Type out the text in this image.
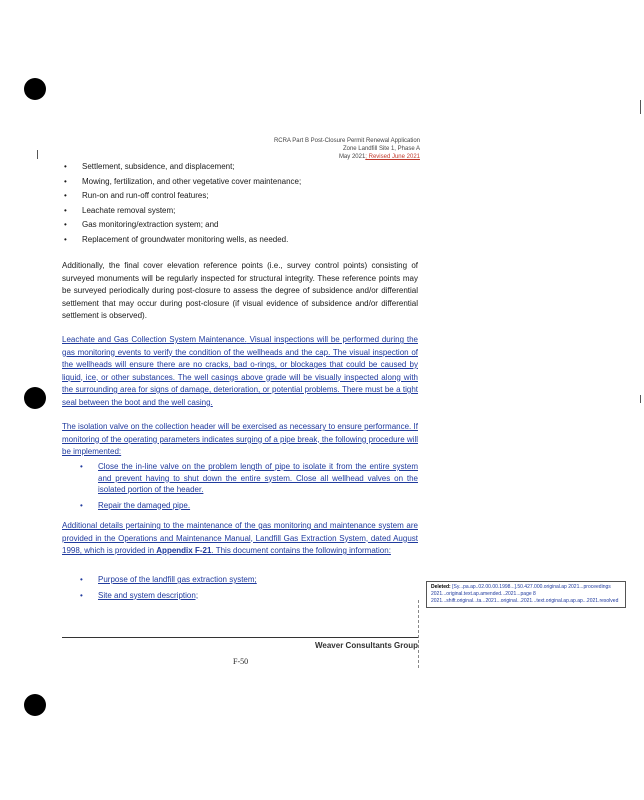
RCRA Part B Post-Closure Permit Renewal Application
Zone Landfill Site 1, Phase A
May 2021; Revised June 2021
• Settlement, subsidence, and displacement;
• Mowing, fertilization, and other vegetative cover maintenance;
• Run-on and run-off control features;
• Leachate removal system;
• Gas monitoring/extraction system; and
• Replacement of groundwater monitoring wells, as needed.
Additionally, the final cover elevation reference points (i.e., survey control points) consisting of surveyed monuments will be regularly inspected for structural integrity. These reference points may be surveyed periodically during post-closure to assess the degree of subsidence and/or differential settlement that may occur during post-closure (if visual evidence of subsidence and/or differential settlement is observed).
Leachate and Gas Collection System Maintenance. Visual inspections will be performed during the gas monitoring events to verify the condition of the wellheads and the cap. The visual inspection of the wellheads will ensure there are no cracks, bad o-rings, or blockages that could be caused by liquid, ice, or other substances. The well casings above grade will be visually inspected along with the surrounding area for signs of damage, deterioration, or potential problems. There must be a tight seal between the boot and the well casing.
The isolation valve on the collection header will be exercised as necessary to ensure performance. If monitoring of the operating parameters indicates surging of a pipe break, the following procedure will be implemented:
• Close the in-line valve on the problem length of pipe to isolate it from the entire system and prevent having to shut down the entire system. Close all wellhead valves on the isolated portion of the header.
• Repair the damaged pipe.
Additional details pertaining to the maintenance of the gas monitoring and maintenance system are provided in the Operations and Maintenance Manual, Landfill Gas Extraction System, dated August 1998, which is provided in Appendix F-21. This document contains the following information:
• Purpose of the landfill gas extraction system;
• Site and system description;
Deleted: [Sy...pa.ap..02.00.00.1998...].50.427.000.original.ap 2021...proceedings 2021...original.text.ap.amended...2021...page 8 2021...shift.original...ta...2021...original...2021...text.original.ap.ap.ap...2021.resolved
Weaver Consultants Group
F-50
